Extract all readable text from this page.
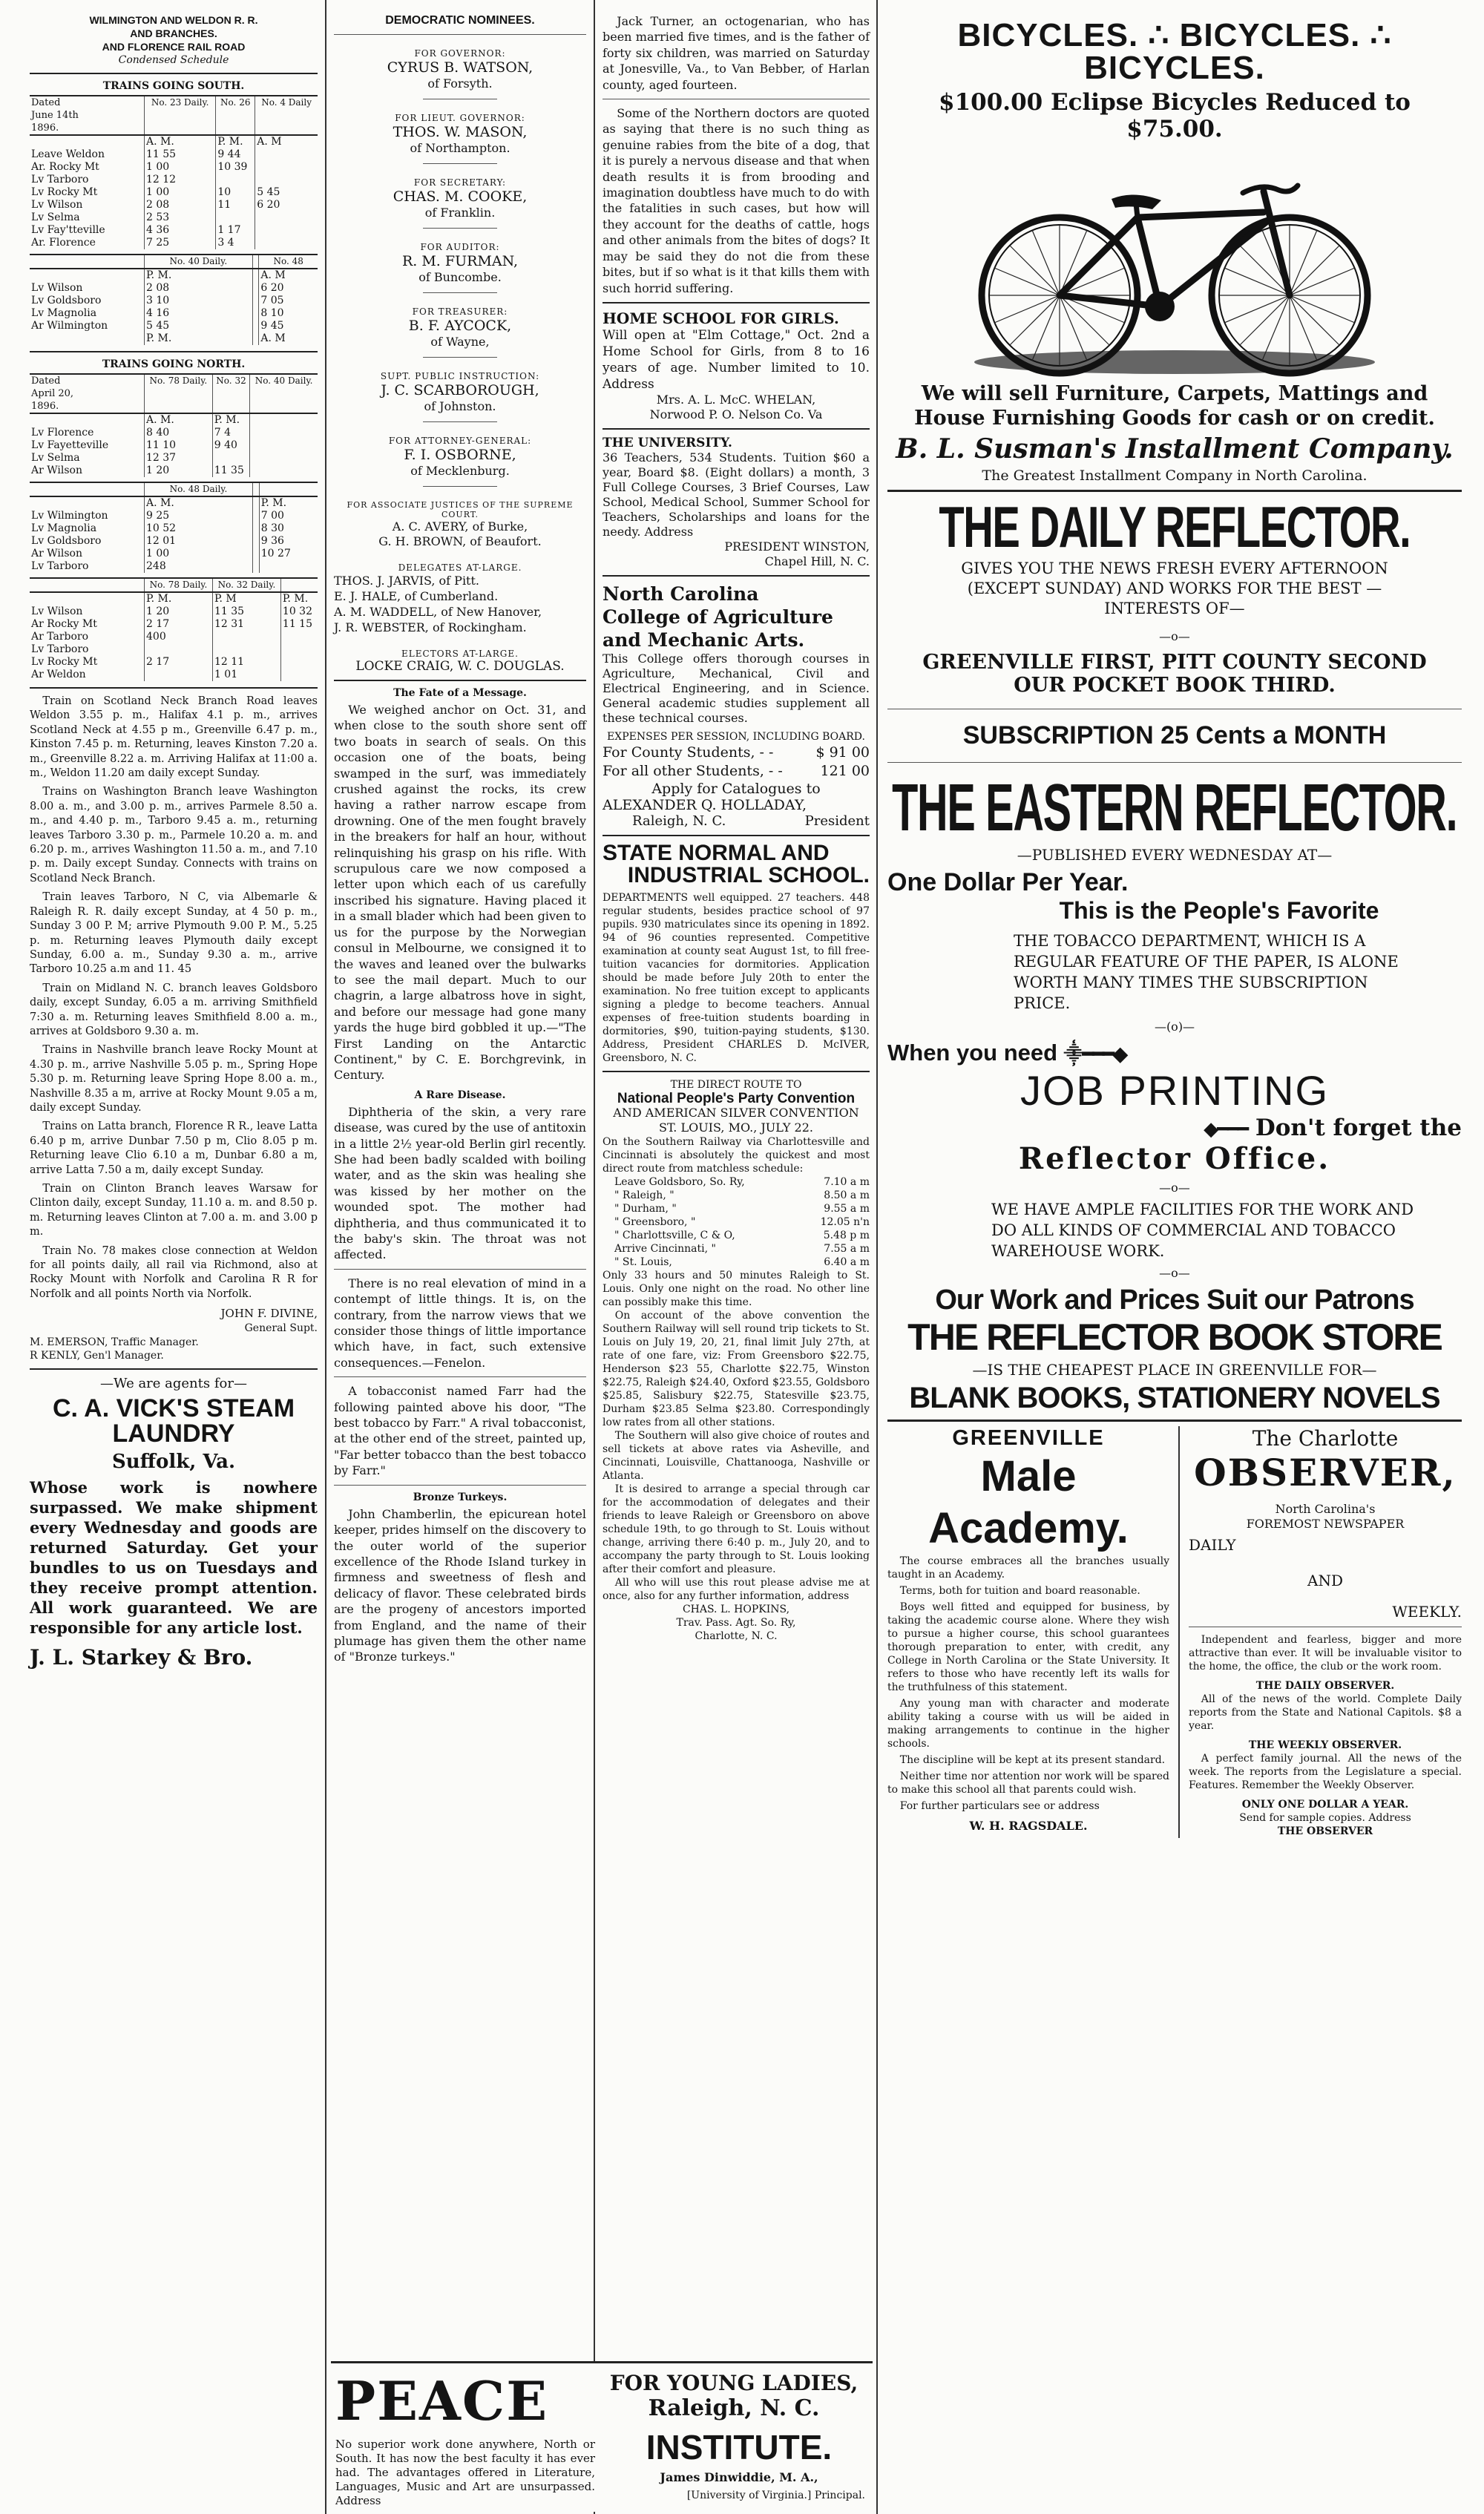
WILMINGTON AND WELDON R. R.

AND BRANCHES.

AND FLORENCE RAIL ROAD

Condensed Schedule

TRAINS GOING SOUTH.

Dated
June 14th
1896.	No. 23 Daily.	No. 26	No. 4 Daily
	A. M.	P. M.	A. M
Leave Weldon	11 55	9 44	
Ar. Rocky Mt	1 00	10 39	

Lv Tarboro	12 12		

Lv Rocky Mt	1 00	10	5 45
Lv Wilson	2 08	11	6 20
Lv Selma	2 53		
Lv Fay'tteville	4 36	1 17	
Ar. Florence	7 25	3 4	
	No. 40 Daily.		No. 48
	P. M.		A. M
Lv Wilson	2 08		6 20
Lv Goldsboro	3 10		7 05
Lv Magnolia	4 16		8 10
Ar Wilmington	5 45		9 45
	P. M.		A. M

TRAINS GOING NORTH.

Dated
April 20,
1896.	No. 78 Daily.	No. 32	No. 40 Daily.
	A. M.	P. M.	
Lv Florence	8 40	7 4	
Lv Fayetteville	11 10	9 40	
Lv Selma	12 37		
Ar Wilson	1 20	11 35	
	No. 48 Daily.		
	A. M.		P. M.
Lv Wilmington	9 25		7 00
Lv Magnolia	10 52		8 30
Lv Goldsboro	12 01		9 36
Ar Wilson	1 00		10 27
Lv Tarboro	248		
	No. 78 Daily.	No. 32 Daily.	
	P. M.	P. M	P. M.
Lv Wilson	1 20	11 35	10 32
Ar Rocky Mt	2 17	12 31	11 15

Ar Tarboro	400		
Lv Tarboro			
Lv Rocky Mt	2 17	12 11	
Ar Weldon		1 01	

Train on Scotland Neck Branch Road leaves Weldon 3.55 p. m., Halifax 4.1 p. m., arrives Scotland Neck at 4.55 p m., Greenville 6.47 p. m., Kinston 7.45 p. m. Returning, leaves Kinston 7.20 a. m., Greenville 8.22 a. m. Arriving Halifax at 11:00 a. m., Weldon 11.20 am daily except Sunday.

Trains on Washington Branch leave Washington 8.00 a. m., and 3.00 p. m., arrives Parmele 8.50 a. m., and 4.40 p. m., Tarboro 9.45 a. m., returning leaves Tarboro 3.30 p. m., Parmele 10.20 a. m. and 6.20 p. m., arrives Washington 11.50 a. m., and 7.10 p. m. Daily except Sunday. Connects with trains on Scotland Neck Branch.

Train leaves Tarboro, N C, via Albemarle & Raleigh R. R. daily except Sunday, at 4 50 p. m., Sunday 3 00 P. M; arrive Plymouth 9.00 P. M., 5.25 p. m. Returning leaves Plymouth daily except Sunday, 6.00 a. m., Sunday 9.30 a. m., arrive Tarboro 10.25 a.m and 11. 45

Train on Midland N. C. branch leaves Goldsboro daily, except Sunday, 6.05 a m. arriving Smithfield 7:30 a. m. Returning leaves Smithfield 8.00 a. m., arrives at Goldsboro 9.30 a. m.

Trains in Nashville branch leave Rocky Mount at 4.30 p. m., arrive Nashville 5.05 p. m., Spring Hope 5.30 p. m. Returning leave Spring Hope 8.00 a. m., Nashville 8.35 a m, arrive at Rocky Mount 9.05 a m, daily except Sunday.

Trains on Latta branch, Florence R R., leave Latta 6.40 p m, arrive Dunbar 7.50 p m, Clio 8.05 p m. Returning leave Clio 6.10 a m, Dunbar 6.80 a m, arrive Latta 7.50 a m, daily except Sunday.

Train on Clinton Branch leaves Warsaw for Clinton daily, except Sunday, 11.10 a. m. and 8.50 p. m. Returning leaves Clinton at 7.00 a. m. and 3.00 p m.

Train No. 78 makes close connection at Weldon for all points daily, all rail via Richmond, also at Rocky Mount with Norfolk and Carolina R R for Norfolk and all points North via Norfolk.

JOHN F. DIVINE,

General Supt.

M. EMERSON, Traffic Manager.

R KENLY, Gen'l Manager.

—We are agents for—

C. A. VICK'S STEAM LAUNDRY

Suffolk, Va.

Whose work is nowhere surpassed. We make shipment every Wednesday and goods are returned Saturday. Get your bundles to us on Tuesdays and they receive prompt attention. All work guaranteed. We are responsible for any article lost.

J. L. Starkey & Bro.

DEMOCRATIC NOMINEES.

FOR GOVERNOR:

CYRUS B. WATSON,

of Forsyth.

FOR LIEUT. GOVERNOR:

THOS. W. MASON,

of Northampton.

FOR SECRETARY:

CHAS. M. COOKE,

of Franklin.

FOR AUDITOR:

R. M. FURMAN,

of Buncombe.

FOR TREASURER:

B. F. AYCOCK,

of Wayne,

SUPT. PUBLIC INSTRUCTION:

J. C. SCARBOROUGH,

of Johnston.

FOR ATTORNEY-GENERAL:

F. I. OSBORNE,

of Mecklenburg.

FOR ASSOCIATE JUSTICES OF THE SUPREME COURT.

A. C. AVERY, of Burke,

G. H. BROWN, of Beaufort.

DELEGATES AT-LARGE.

THOS. J. JARVIS, of Pitt.

E. J. HALE, of Cumberland.

A. M. WADDELL, of New Hanover,

J. R. WEBSTER, of Rockingham.

ELECTORS AT-LARGE.

LOCKE CRAIG, W. C. DOUGLAS.

The Fate of a Message.

We weighed anchor on Oct. 31, and when close to the south shore sent off two boats in search of seals. On this occasion one of the boats, being swamped in the surf, was immediately crushed against the rocks, its crew having a rather narrow escape from drowning. One of the men fought bravely in the breakers for half an hour, without relinquishing his grasp on his rifle. With scrupulous care we now composed a letter upon which each of us carefully inscribed his signature. Having placed it in a small blader which had been given to us for the purpose by the Norwegian consul in Melbourne, we consigned it to the waves and leaned over the bulwarks to see the mail depart. Much to our chagrin, a large albatross hove in sight, and before our message had gone many yards the huge bird gobbled it up.—"The First Landing on the Antarctic Continent," by C. E. Borchgrevink, in Century.

A Rare Disease.

Diphtheria of the skin, a very rare disease, was cured by the use of antitoxin in a little 2½ year-old Berlin girl recently. She had been badly scalded with boiling water, and as the skin was healing she was kissed by her mother on the wounded spot. The mother had diphtheria, and thus communicated it to the baby's skin. The throat was not affected.

There is no real elevation of mind in a contempt of little things. It is, on the contrary, from the narrow views that we consider those things of little importance which have, in fact, such extensive consequences.—Fenelon.

A tobacconist named Farr had the following painted above his door, "The best tobacco by Farr." A rival tobacconist, at the other end of the street, painted up, "Far better tobacco than the best tobacco by Farr."

Bronze Turkeys.

John Chamberlin, the epicurean hotel keeper, prides himself on the discovery to the outer world of the superior excellence of the Rhode Island turkey in firmness and sweetness of flesh and delicacy of flavor. These celebrated birds are the progeny of ancestors imported from England, and the name of their plumage has given them the other name of "Bronze turkeys."

Jack Turner, an octogenarian, who has been married five times, and is the father of forty six children, was married on Saturday at Jonesville, Va., to Van Bebber, of Harlan county, aged fourteen.

Some of the Northern doctors are quoted as saying that there is no such thing as genuine rabies from the bite of a dog, that it is purely a nervous disease and that when death results it is from brooding and imagination doubtless have much to do with the fatalities in such cases, but how will they account for the deaths of cattle, hogs and other animals from the bites of dogs? It may be said they do not die from these bites, but if so what is it that kills them with such horrid suffering.

HOME SCHOOL FOR GIRLS.

Will open at "Elm Cottage," Oct. 2nd a Home School for Girls, from 8 to 16 years of age. Number limited to 10. Address

Mrs. A. L. McC. WHELAN,

Norwood P. O. Nelson Co. Va

THE UNIVERSITY.

36 Teachers, 534 Students. Tuition $60 a year, Board $8. (Eight dollars) a month, 3 Full College Courses, 3 Brief Courses, Law School, Medical School, Summer School for Teachers, Scholarships and loans for the needy. Address

PRESIDENT WINSTON,

Chapel Hill, N. C.

North Carolina

College of Agriculture

and Mechanic Arts.

This College offers thorough courses in Agriculture, Mechanical, Civil and Electrical Engineering, and in Science. General academic studies supplement all these technical courses.

EXPENSES PER SESSION, INCLUDING BOARD.

For County Students, - -	$ 91 00
For all other Students, - -	121 00

Apply for Catalogues to

ALEXANDER Q. HOLLADAY,

Raleigh, N. C.	President

STATE NORMAL AND

INDUSTRIAL SCHOOL.

DEPARTMENTS well equipped. 27 teachers. 448 regular students, besides practice school of 97 pupils. 930 matriculates since its opening in 1892. 94 of 96 counties represented. Competitive examination at county seat August 1st, to fill free-tuition vacancies for dormitories. Application should be made before July 20th to enter the examination. No free tuition except to applicants signing a pledge to become teachers. Annual expenses of free-tuition students boarding in dormitories, $90, tuition-paying students, $130. Address, President CHARLES D. McIVER, Greensboro, N. C.

THE DIRECT ROUTE TO

National People's Party Convention

AND AMERICAN SILVER CONVENTION

ST. LOUIS, MO., JULY 22.

On the Southern Railway via Charlottesville and Cincinnati is absolutely the quickest and most direct route from matchless schedule:

Leave Goldsboro, So. Ry,	7.10 a m
" Raleigh, "	8.50 a m
" Durham, "	9.55 a m
" Greensboro, "	12.05 n'n
" Charlottsville, C & O,	5.48 p m
Arrive Cincinnati, "	7.55 a m
" St. Louis,	6.40 a m

Only 33 hours and 50 minutes Raleigh to St. Louis. Only one night on the road. No other line can possibly make this time.

On account of the above convention the Southern Railway will sell round trip tickets to St. Louis on July 19, 20, 21, final limit July 27th, at rate of one fare, viz: From Greensboro $22.75, Henderson $23 55, Charlotte $22.75, Winston $22.75, Raleigh $24.40, Oxford $23.55, Goldsboro $25.85, Salisbury $22.75, Statesville $23.75, Durham $23.85 Selma $23.80. Correspondingly low rates from all other stations.

The Southern will also give choice of routes and sell tickets at above rates via Asheville, and Cincinnati, Louisville, Chattanooga, Nashville or Atlanta.

It is desired to arrange a special through car for the accommodation of delegates and their friends to leave Raleigh or Greensboro on above schedule 19th, to go through to St. Louis without change, arriving there 6:40 p. m., July 20, and to accompany the party through to St. Louis looking after their comfort and pleasure.

All who will use this rout please advise me at once, also for any further information, address

CHAS. L. HOPKINS,

Trav. Pass. Agt. So. Ry,

Charlotte, N. C.

PEACE	FOR YOUNG LADIES,

Raleigh, N. C.

No superior work done anywhere, North or South. It has now the best faculty it has ever had. The advantages offered in Literature, Languages, Music and Art are unsurpassed. Address

INSTITUTE.

James Dinwiddie, M. A.,

[University of Virginia.] Principal.

BICYCLES. ∴ BICYCLES. ∴ BICYCLES.

$100.00 Eclipse Bicycles Reduced to $75.00.

We will sell Furniture, Carpets, Mattings and House Furnishing Goods for cash or on credit.

B. L. Susman's Installment Company.

The Greatest Installment Company in North Carolina.

THE DAILY REFLECTOR.

GIVES YOU THE NEWS FRESH EVERY AFTERNOON (EXCEPT SUNDAY) AND WORKS FOR THE BEST —INTERESTS OF—

—o—

GREENVILLE FIRST, PITT COUNTY SECOND

OUR POCKET BOOK THIRD.

SUBSCRIPTION 25 Cents a MONTH

THE EASTERN REFLECTOR.

—PUBLISHED EVERY WEDNESDAY AT—

One Dollar Per Year.

This is the People's Favorite

THE TOBACCO DEPARTMENT, WHICH IS A REGULAR FEATURE OF THE PAPER, IS ALONE WORTH MANY TIMES THE SUBSCRIPTION PRICE.

—(o)—

When you need ⸎━━━◆

JOB PRINTING

◆━━━ Don't forget the

Reflector Office.

—o—

WE HAVE AMPLE FACILITIES FOR THE WORK AND DO ALL KINDS OF COMMERCIAL AND TOBACCO WAREHOUSE WORK.

—o—

Our Work and Prices Suit our Patrons

THE REFLECTOR BOOK STORE

—IS THE CHEAPEST PLACE IN GREENVILLE FOR—

BLANK BOOKS, STATIONERY NOVELS

GREENVILLE

Male Academy.

The course embraces all the branches usually taught in an Academy.

Terms, both for tuition and board reasonable.

Boys well fitted and equipped for business, by taking the academic course alone. Where they wish to pursue a higher course, this school guarantees thorough preparation to enter, with credit, any College in North Carolina or the State University. It refers to those who have recently left its walls for the truthfulness of this statement.

Any young man with character and moderate ability taking a course with us will be aided in making arrangements to continue in the higher schools.

The discipline will be kept at its present standard.

Neither time nor attention nor work will be spared to make this school all that parents could wish.

For further particulars see or address

W. H. RAGSDALE.

The Charlotte

OBSERVER,

North Carolina's

FOREMOST NEWSPAPER

DAILY

AND

WEEKLY.

Independent and fearless, bigger and more attractive than ever. It will be invaluable visitor to the home, the office, the club or the work room.

THE DAILY OBSERVER.

All of the news of the world. Complete Daily reports from the State and National Capitols. $8 a year.

THE WEEKLY OBSERVER.

A perfect family journal. All the news of the week. The reports from the Legislature a special. Features. Remember the Weekly Observer.

ONLY ONE DOLLAR A YEAR.

Send for sample copies. Address

THE OBSERVER
